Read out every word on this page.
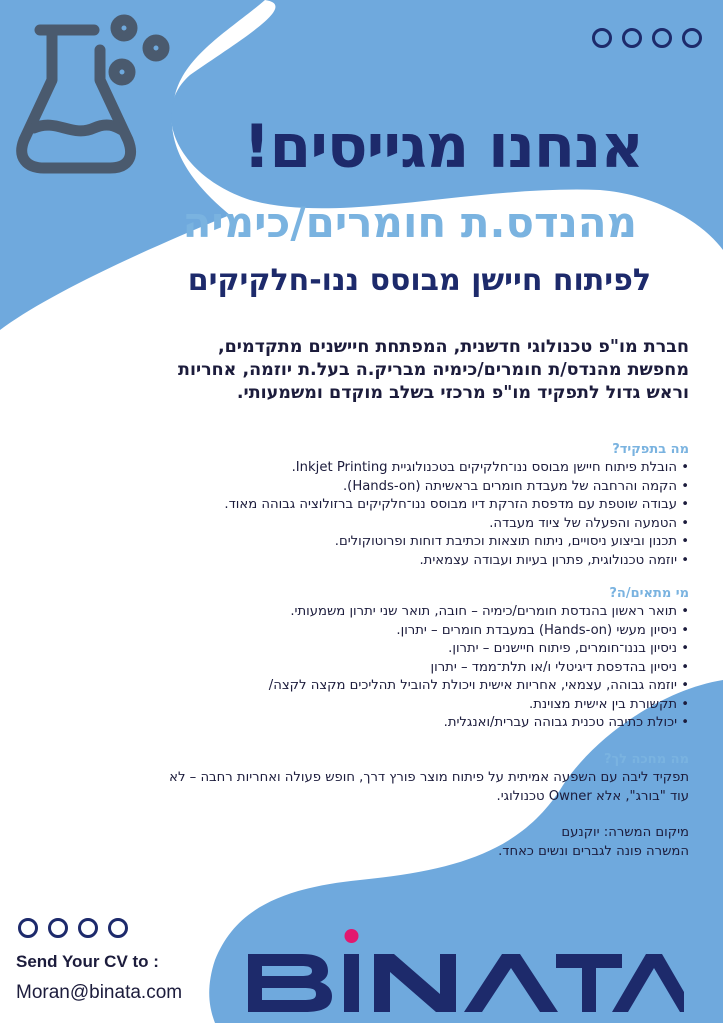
אנחנו מגייסים!
מהנדס.ת חומרים/כימיה
לפיתוח חיישן מבוסס ננו-חלקיקים
חברת מו"פ טכנולוגי חדשנית, המפתחת חיישנים מתקדמים,
מחפשת מהנדס/ת חומרים/כימיה מבריק.ה בעל.ת יוזמה, אחריות
וראש גדול לתפקיד מו"פ מרכזי בשלב מוקדם ומשמעותי.
מה בתפקיד?
• הובלת פיתוח חיישן מבוסס ננו־חלקיקים בטכנולוגיית Inkjet Printing.
• הקמה והרחבה של מעבדת חומרים בראשיתה (Hands-on).
• עבודה שוטפת עם מדפסת הזרקת דיו מבוסס ננו־חלקיקים ברזולוציה גבוהה מאוד.
• הטמעה והפעלה של ציוד מעבדה.
• תכנון וביצוע ניסויים, ניתוח תוצאות וכתיבת דוחות ופרוטוקולים.
• יוזמה טכנולוגית, פתרון בעיות ועבודה עצמאית.
מי מתאים/ה?
• תואר ראשון בהנדסת חומרים/כימיה – חובה, תואר שני יתרון משמעותי.
• ניסיון מעשי (Hands-on) במעבדת חומרים – יתרון.
• ניסיון בננו־חומרים, פיתוח חיישנים – יתרון.
• ניסיון בהדפסת דיגיטלי ו/או תלת־ממד – יתרון
• יוזמה גבוהה, עצמאי, אחריות אישית ויכולת להוביל תהליכים מקצה לקצה/
• תקשורת בין אישית מצוינת.
• יכולת כתיבה טכנית גבוהה עברית/ואנגלית.
מה מחכה לך?

תפקיד ליבה עם השפעה אמיתית על פיתוח מוצר פורץ דרך, חופש פעולה ואחריות רחבה – לא

עוד "בורג", אלא Owner טכנולוגי.

מיקום המשרה: יוקנעם

המשרה פונה לגברים ונשים כאחד.

Send Your CV to :
Moran@binata.com
